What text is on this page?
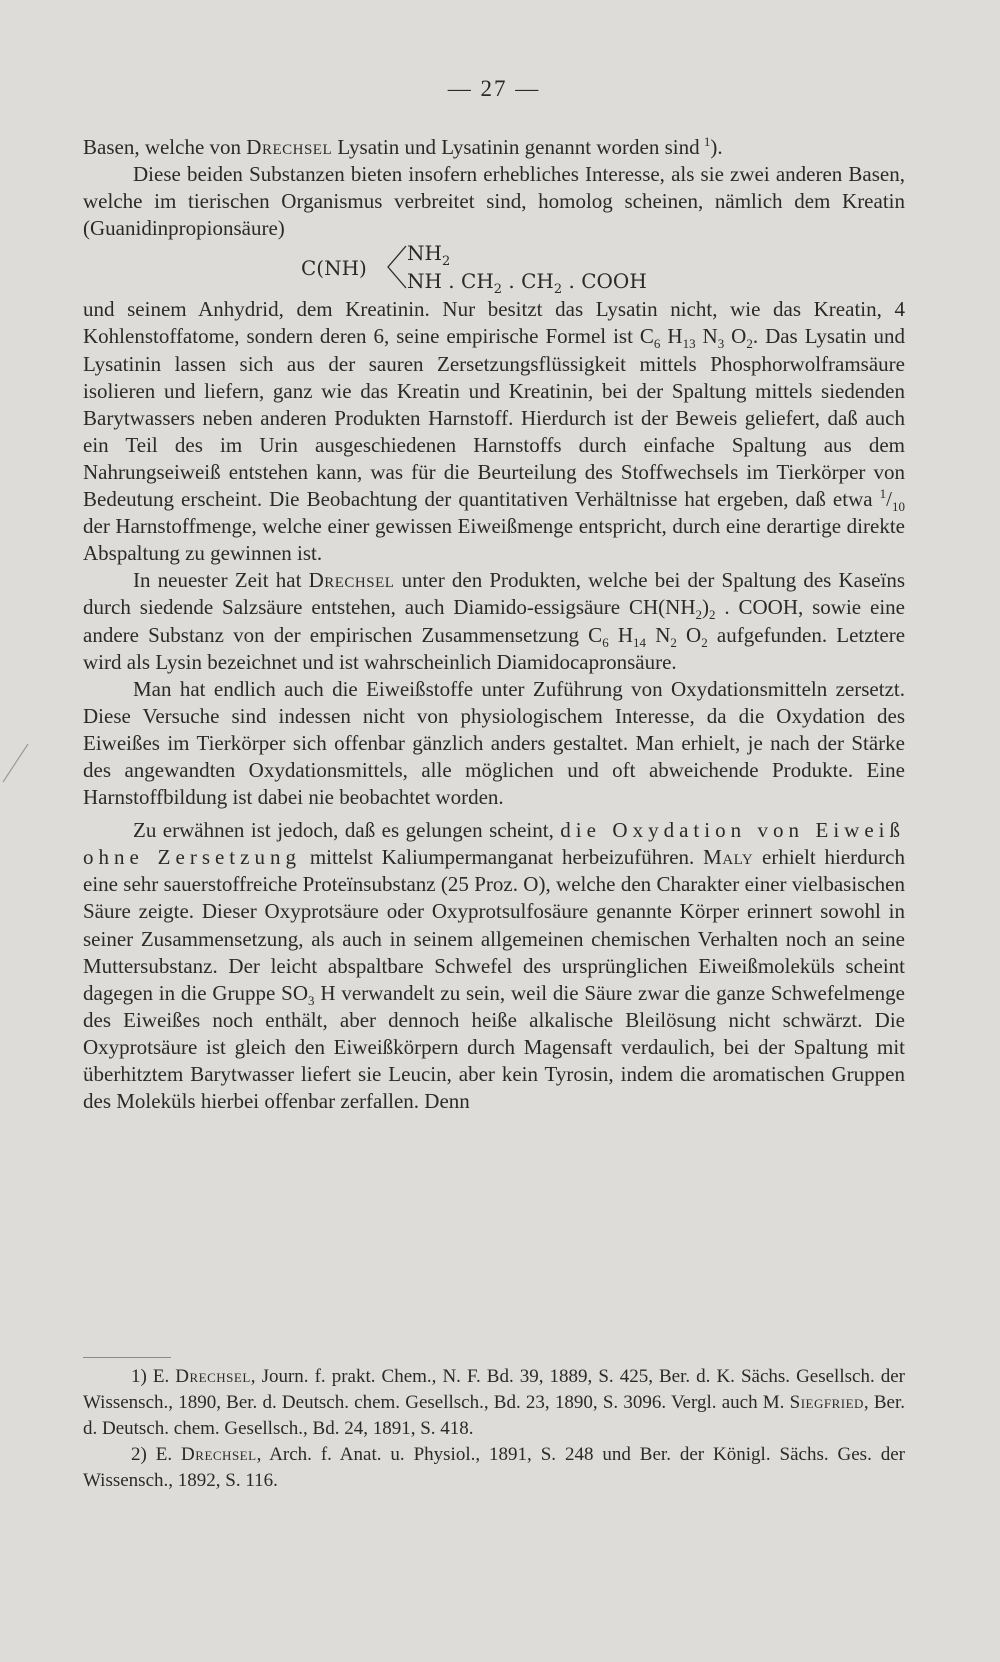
— 27 —

Basen, welche von Drechsel Lysatin und Lysatinin genannt worden sind  $^1$).

Diese beiden Substanzen bieten insofern erhebliches Interesse, als sie zwei anderen Basen, welche im tierischen Organismus verbreitet sind, homolog scheinen, nämlich dem Kreatin (Guanidinpropionsäure)

C(NH)
$NH_2$
NH . $CH_2$ . $CH_2$ . COOH

und seinem Anhydrid, dem Kreatinin. Nur besitzt das Lysatin nicht, wie das Kreatin, 4 Kohlenstoffatome, sondern deren 6, seine empirische Formel ist $C_6$ $H_{13}$ $N_3$ $O_2$. Das Lysatin und Lysatinin lassen sich aus der sauren Zersetzungsflüssigkeit mittels Phosphorwolframsäure isolieren und liefern, ganz wie das Kreatin und Kreatinin, bei der Spaltung mittels siedenden Barytwassers neben anderen Produkten Harnstoff. Hierdurch ist der Beweis geliefert, daß auch ein Teil des im Urin ausgeschiedenen Harnstoffs durch einfache Spaltung aus dem Nahrungseiweiß entstehen kann, was für die Beurteilung des Stoffwechsels im Tierkörper von Bedeutung erscheint. Die Beobachtung der quantitativen Verhältnisse hat ergeben, daß etwa $^1/_{10}$ der Harnstoffmenge, welche einer gewissen Eiweißmenge entspricht, durch eine derartige direkte Abspaltung zu gewinnen ist.

In neuester Zeit hat Drechsel unter den Produkten, welche bei der Spaltung des Kaseïns durch siedende Salzsäure entstehen, auch Diamido-essigsäure $CH(NH_2)_2$ . COOH, sowie eine andere Substanz von der empirischen Zusammensetzung $C_6$ $H_{14}$ $N_2$ $O_2$ aufgefunden. Letztere wird als Lysin bezeichnet und ist wahrscheinlich Diamidocapronsäure.

Man hat endlich auch die Eiweißstoffe unter Zuführung von Oxydationsmitteln zersetzt. Diese Versuche sind indessen nicht von physiologischem Interesse, da die Oxydation des Eiweißes im Tierkörper sich offenbar gänzlich anders gestaltet. Man erhielt, je nach der Stärke des angewandten Oxydationsmittels, alle möglichen und oft abweichende Produkte. Eine Harnstoffbildung ist dabei nie beobachtet worden.

Zu erwähnen ist jedoch, daß es gelungen scheint, die Oxydation von Eiweiß ohne Zersetzung mittelst Kaliumpermanganat herbeizuführen. Maly erhielt hierdurch eine sehr sauerstoffreiche Proteïnsubstanz (25 Proz. O), welche den Charakter einer vielbasischen Säure zeigte. Dieser Oxyprotsäure oder Oxyprotsulfosäure genannte Körper erinnert sowohl in seiner Zusammensetzung, als auch in seinem allgemeinen chemischen Verhalten noch an seine Muttersubstanz. Der leicht abspaltbare Schwefel des ursprünglichen Eiweißmoleküls scheint dagegen in die Gruppe $SO_3$ H verwandelt zu sein, weil die Säure zwar die ganze Schwefelmenge des Eiweißes noch enthält, aber dennoch heiße alkalische Bleilösung nicht schwärzt. Die Oxyprotsäure ist gleich den Eiweißkörpern durch Magensaft verdaulich, bei der Spaltung mit überhitztem Barytwasser liefert sie Leucin, aber kein Tyrosin, indem die aromatischen Gruppen des Moleküls hierbei offenbar zerfallen. Denn

1) E. Drechsel, Journ. f. prakt. Chem., N. F. Bd. 39, 1889, S. 425, Ber. d. K. Sächs. Gesellsch. der Wissensch., 1890, Ber. d. Deutsch. chem. Gesellsch., Bd. 23, 1890, S. 3096. Vergl. auch M. Siegfried, Ber. d. Deutsch. chem. Gesellsch., Bd. 24, 1891, S. 418.

2) E. Drechsel, Arch. f. Anat. u. Physiol., 1891, S. 248 und Ber. der Königl. Sächs. Ges. der Wissensch., 1892, S. 116.
